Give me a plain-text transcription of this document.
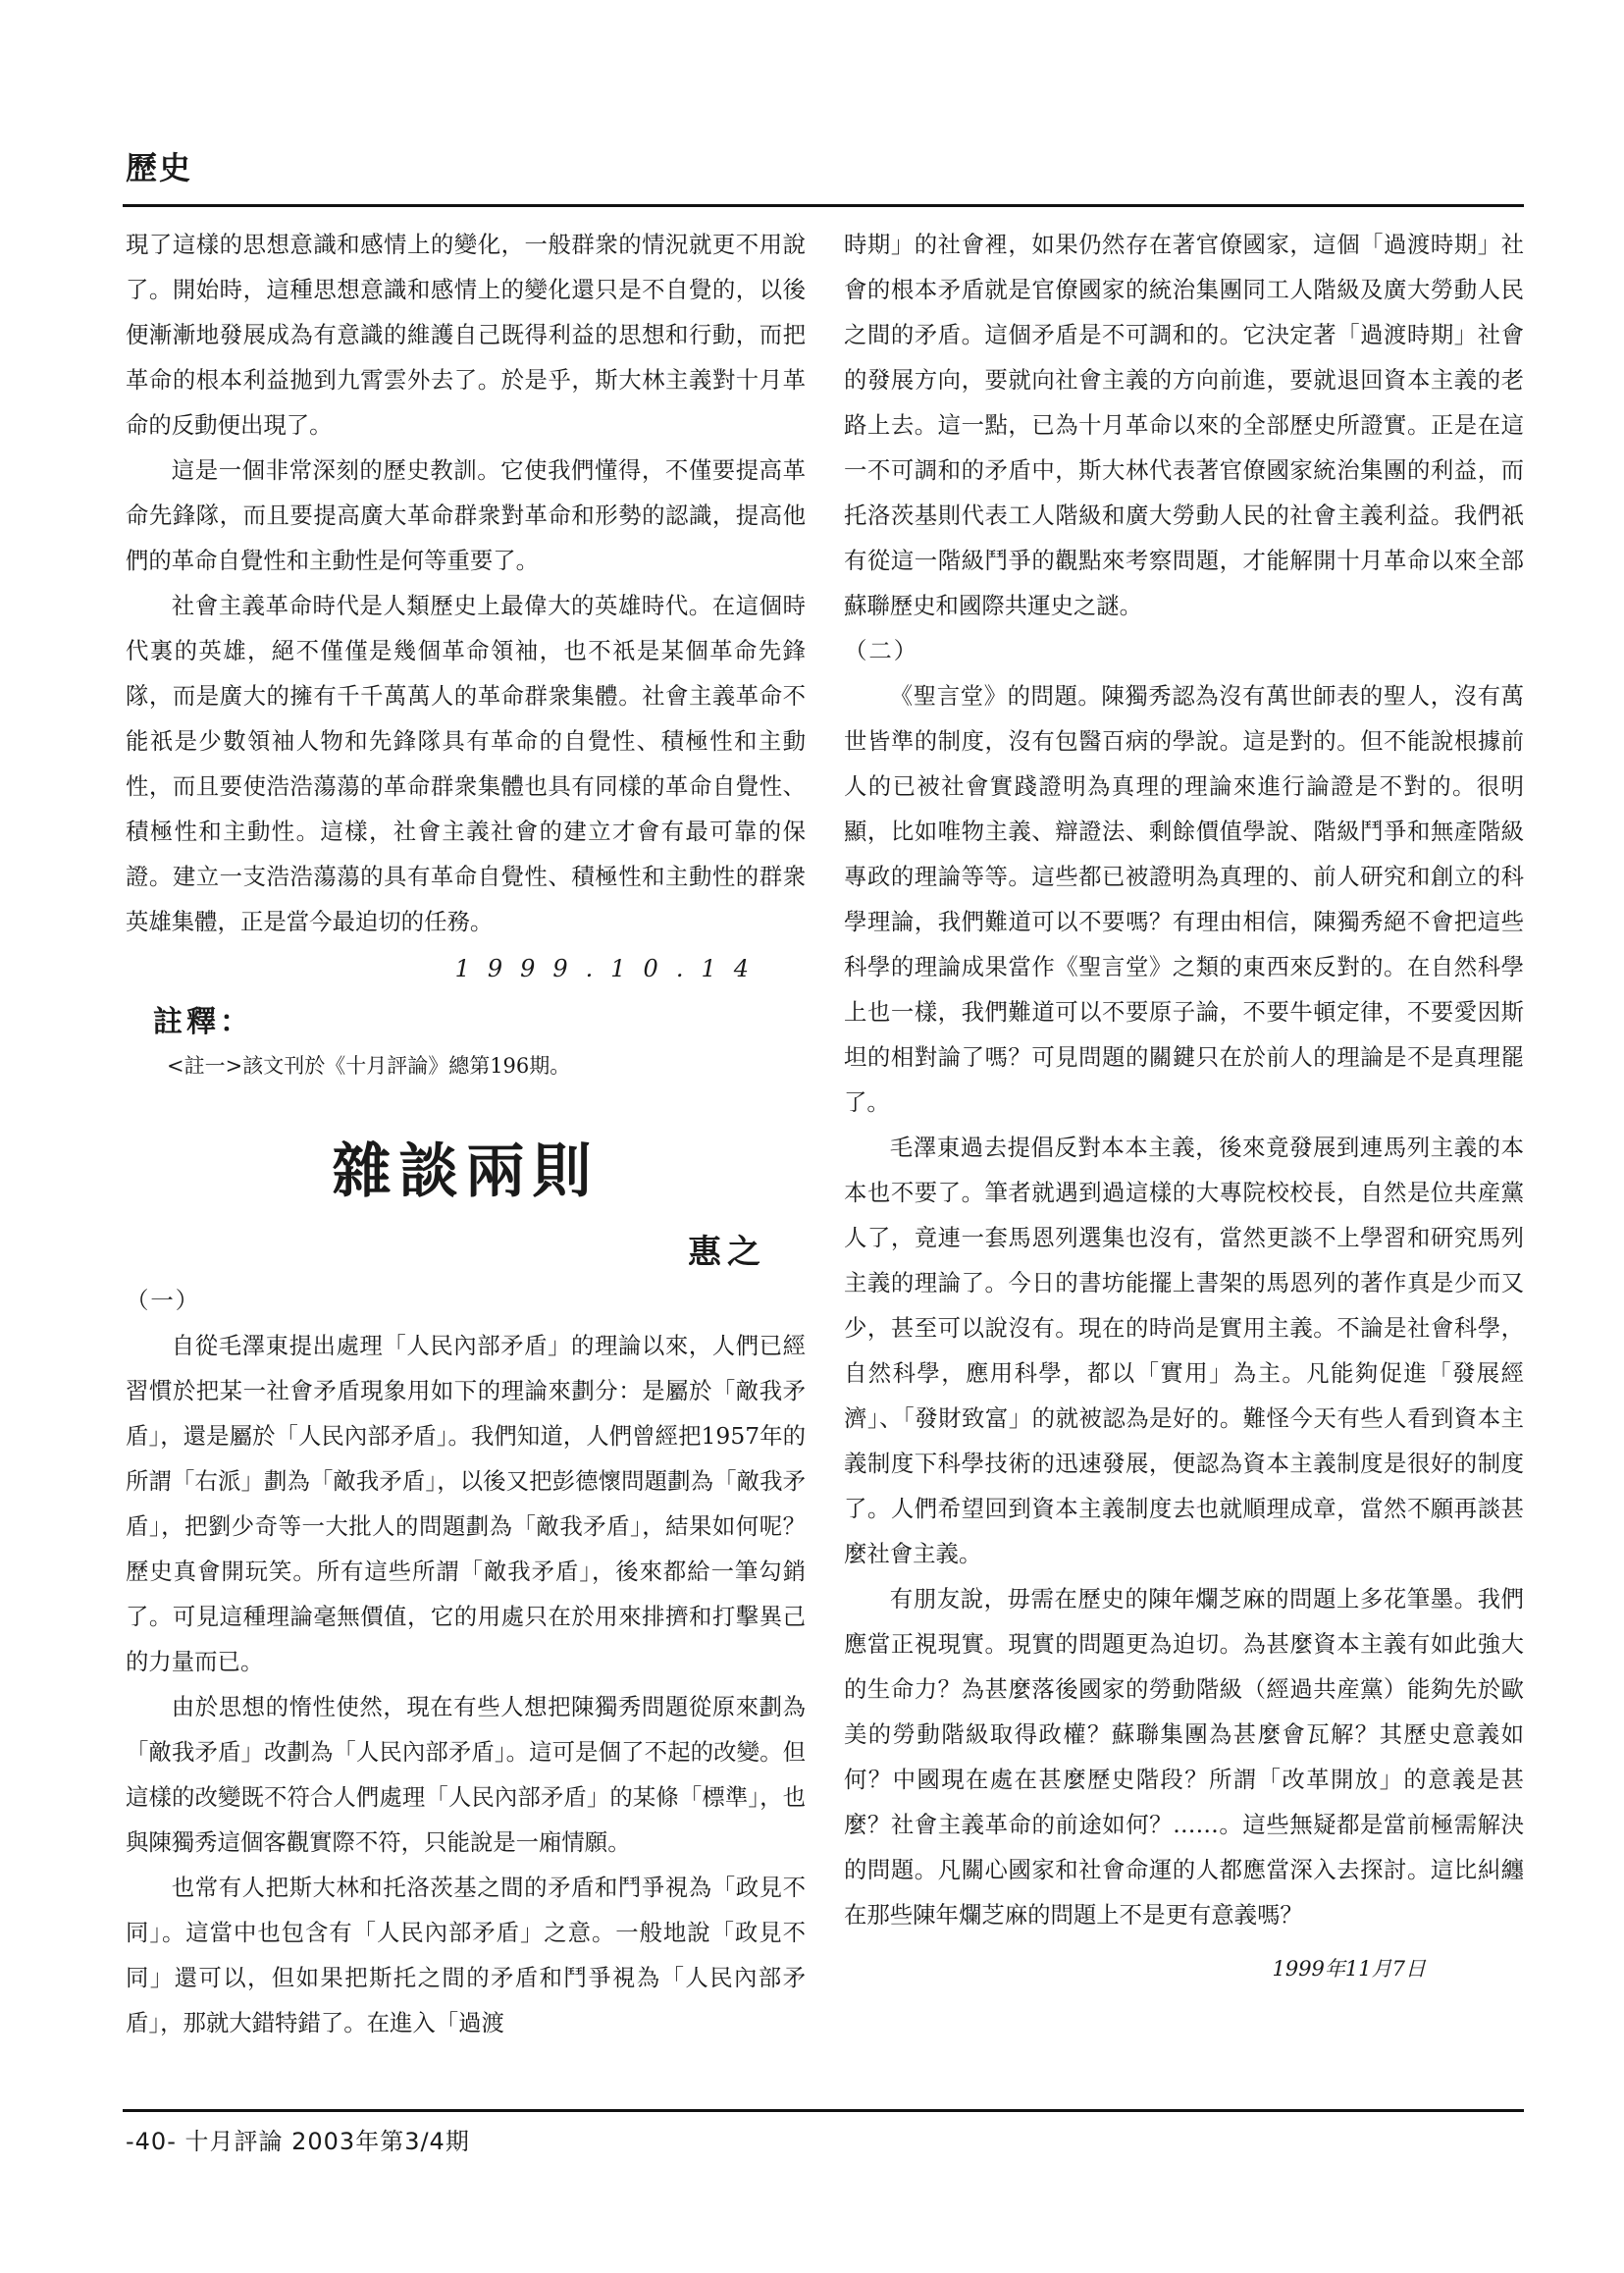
歷史

現了這樣的思想意識和感情上的變化，一般群衆的情況就更不用說了。開始時，這種思想意識和感情上的變化還只是不自覺的，以後便漸漸地發展成為有意識的維護自己既得利益的思想和行動，而把革命的根本利益拋到九霄雲外去了。於是乎，斯大林主義對十月革命的反動便出現了。

這是一個非常深刻的歷史教訓。它使我們懂得，不僅要提高革命先鋒隊，而且要提高廣大革命群衆對革命和形勢的認識，提高他們的革命自覺性和主動性是何等重要了。

社會主義革命時代是人類歷史上最偉大的英雄時代。在這個時代裏的英雄，絕不僅僅是幾個革命領袖，也不祇是某個革命先鋒隊，而是廣大的擁有千千萬萬人的革命群衆集體。社會主義革命不能祇是少數領袖人物和先鋒隊具有革命的自覺性、積極性和主動性，而且要使浩浩蕩蕩的革命群衆集體也具有同樣的革命自覺性、積極性和主動性。這樣，社會主義社會的建立才會有最可靠的保證。建立一支浩浩蕩蕩的具有革命自覺性、積極性和主動性的群衆英雄集體，正是當今最迫切的任務。

1999.10.14
註釋：

<註一>該文刊於《十月評論》總第196期。

雜談兩則
惠之

（一）

自從毛澤東提出處理「人民內部矛盾」的理論以來，人們已經習慣於把某一社會矛盾現象用如下的理論來劃分：是屬於「敵我矛盾」，還是屬於「人民內部矛盾」。我們知道，人們曾經把1957年的所謂「右派」劃為「敵我矛盾」，以後又把彭德懷問題劃為「敵我矛盾」，把劉少奇等一大批人的問題劃為「敵我矛盾」，結果如何呢？歷史真會開玩笑。所有這些所謂「敵我矛盾」，後來都給一筆勾銷了。可見這種理論毫無價值，它的用處只在於用來排擠和打擊異己的力量而已。

由於思想的惰性使然，現在有些人想把陳獨秀問題從原來劃為「敵我矛盾」改劃為「人民內部矛盾」。這可是個了不起的改變。但這樣的改變既不符合人們處理「人民內部矛盾」的某條「標準」，也與陳獨秀這個客觀實際不符，只能說是一廂情願。

也常有人把斯大林和托洛茨基之間的矛盾和鬥爭視為「政見不同」。這當中也包含有「人民內部矛盾」之意。一般地說「政見不同」還可以，但如果把斯托之間的矛盾和鬥爭視為「人民內部矛盾」，那就大錯特錯了。在進入「過渡

時期」的社會裡，如果仍然存在著官僚國家，這個「過渡時期」社會的根本矛盾就是官僚國家的統治集團同工人階級及廣大勞動人民之間的矛盾。這個矛盾是不可調和的。它決定著「過渡時期」社會的發展方向，要就向社會主義的方向前進，要就退回資本主義的老路上去。這一點，已為十月革命以來的全部歷史所證實。正是在這一不可調和的矛盾中，斯大林代表著官僚國家統治集團的利益，而托洛茨基則代表工人階級和廣大勞動人民的社會主義利益。我們祇有從這一階級鬥爭的觀點來考察問題，才能解開十月革命以來全部蘇聯歷史和國際共運史之謎。

（二）

《聖言堂》的問題。陳獨秀認為沒有萬世師表的聖人，沒有萬世皆準的制度，沒有包醫百病的學說。這是對的。但不能說根據前人的已被社會實踐證明為真理的理論來進行論證是不對的。很明顯，比如唯物主義、辯證法、剩餘價值學說、階級鬥爭和無產階級專政的理論等等。這些都已被證明為真理的、前人研究和創立的科學理論，我們難道可以不要嗎？有理由相信，陳獨秀絕不會把這些科學的理論成果當作《聖言堂》之類的東西來反對的。在自然科學上也一樣，我們難道可以不要原子論，不要牛頓定律，不要愛因斯坦的相對論了嗎？可見問題的關鍵只在於前人的理論是不是真理罷了。

毛澤東過去提倡反對本本主義，後來竟發展到連馬列主義的本本也不要了。筆者就遇到過這樣的大專院校校長，自然是位共産黨人了，竟連一套馬恩列選集也沒有，當然更談不上學習和研究馬列主義的理論了。今日的書坊能擺上書架的馬恩列的著作真是少而又少，甚至可以說沒有。現在的時尚是實用主義。不論是社會科學，自然科學，應用科學，都以「實用」為主。凡能夠促進「發展經濟」、「發財致富」的就被認為是好的。難怪今天有些人看到資本主義制度下科學技術的迅速發展，便認為資本主義制度是很好的制度了。人們希望回到資本主義制度去也就順理成章，當然不願再談甚麼社會主義。

有朋友說，毋需在歷史的陳年爛芝麻的問題上多花筆墨。我們應當正視現實。現實的問題更為迫切。為甚麼資本主義有如此強大的生命力？為甚麼落後國家的勞動階級（經過共産黨）能夠先於歐美的勞動階級取得政權？蘇聯集團為甚麼會瓦解？其歷史意義如何？中國現在處在甚麼歷史階段？所謂「改革開放」的意義是甚麼？社會主義革命的前途如何？……。這些無疑都是當前極需解決的問題。凡關心國家和社會命運的人都應當深入去探討。這比糾纏在那些陳年爛芝麻的問題上不是更有意義嗎？

1999年11月7日
-40- 十月評論 2003年第3/4期
